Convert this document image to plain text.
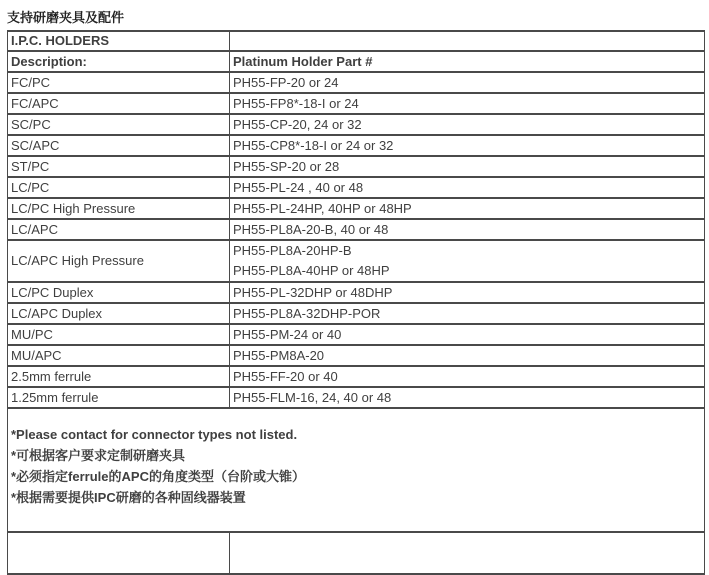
支持研磨夹具及配件
I.P.C. HOLDERS	
Description:	Platinum Holder Part #
FC/PC	PH55-FP-20 or 24
FC/APC	PH55-FP8*-18-I or 24
SC/PC	PH55-CP-20, 24 or 32
SC/APC	PH55-CP8*-18-I or 24 or 32
ST/PC	PH55-SP-20 or 28
LC/PC	PH55-PL-24 , 40 or 48
LC/PC High Pressure	PH55-PL-24HP, 40HP or 48HP
LC/APC	PH55-PL8A-20-B, 40 or 48
LC/APC High Pressure	PH55-PL8A-20HP-B
PH55-PL8A-40HP or 48HP

LC/PC Duplex	PH55-PL-32DHP or 48DHP
LC/APC Duplex	PH55-PL8A-32DHP-POR
MU/PC	PH55-PM-24 or 40
MU/APC	PH55-PM8A-20
2.5mm ferrule	PH55-FF-20 or 40
1.25mm ferrule	PH55-FLM-16, 24, 40 or 48

*Please contact for connector types not listed.
*可根据客户要求定制研磨夹具
*必须指定ferrule的APC的角度类型（台阶或大锥）
*根据需要提供IPC研磨的各种固线器装置	
